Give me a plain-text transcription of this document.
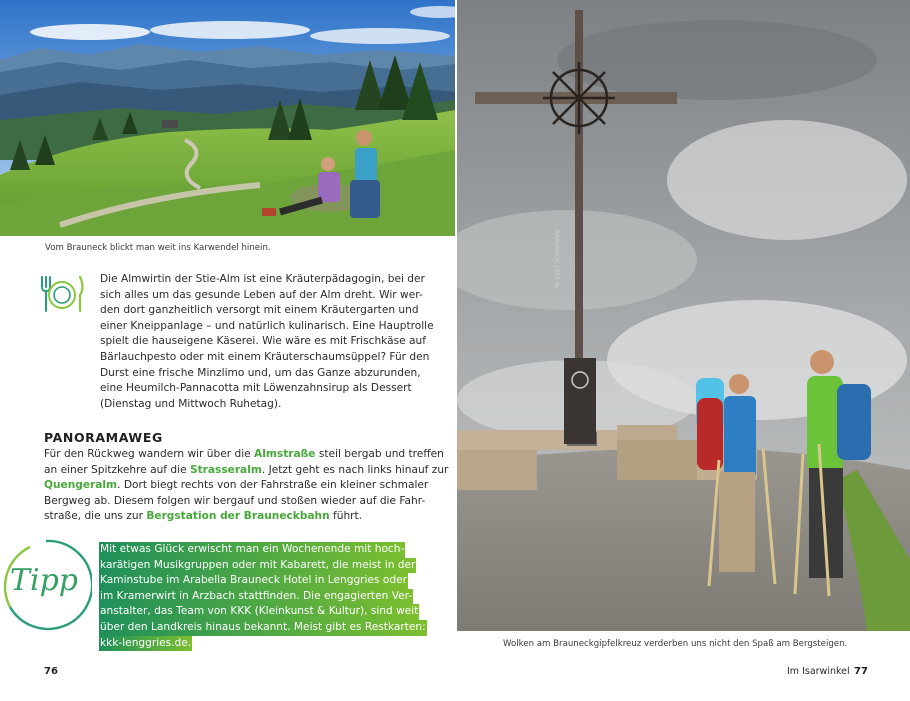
Vom Brauneck blickt man weit ins Karwendel hinein.
Die Almwirtin der Stie-Alm ist eine Kräuterpädagogin, bei der
sich alles um das gesunde Leben auf der Alm dreht. Wir wer-
den dort ganzheitlich versorgt mit einem Kräutergarten und
einer Kneippanlage – und natürlich kulinarisch. Eine Hauptrolle
spielt die hauseigene Käserei. Wie wäre es mit Frischkäse auf
Bärlauchpesto oder mit einem Kräuterschaumsüppel? Für den
Durst eine frische Minzlimo und, um das Ganze abzurunden,
eine Heumilch-Pannacotta mit Löwenzahnsirup als Dessert
(Dienstag und Mittwoch Ruhetag).
PANORAMAWEG
Für den Rückweg wandern wir über die Almstraße steil bergab und treffen
an einer Spitzkehre auf die Strasseralm. Jetzt geht es nach links hinauf zur
Quengeralm. Dort biegt rechts von der Fahrstraße ein kleiner schmaler
Bergweg ab. Diesem folgen wir bergauf und stoßen wieder auf die Fahr-
straße, die uns zur Bergstation der Brauneckbahn führt.
Tipp
Mit etwas Glück erwischt man ein Wochenende mit hoch-
karätigen Musikgruppen oder mit Kabarett, die meist in der
Kaminstube im Arabella Brauneck Hotel in Lenggries oder
im Kramerwirt in Arzbach stattfinden. Die engagierten Ver-
anstalter, das Team von KKK (Kleinkunst & Kultur), sind weit
über den Landkreis hinaus bekannt. Meist gibt es Restkarten:
kkk-lenggries.de.
76
BRAUNECK 1555 m
Wolken am Brauneckgipfelkreuz verderben uns nicht den Spaß am Bergsteigen.
Im Isarwinkel 77
